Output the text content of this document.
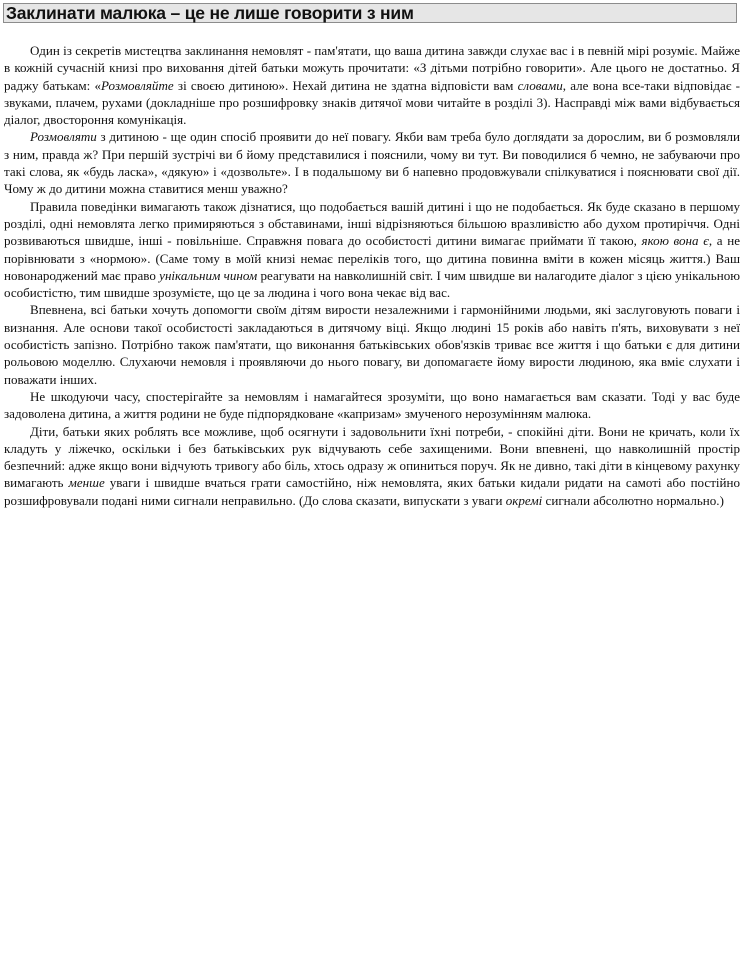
Заклинати малюка – це не лише говорити з ним

Один із секретів мистецтва заклинання немовлят - пам'ятати, що ваша дитина завжди слухає вас і в певній мірі розуміє. Майже в кожній сучасній книзі про виховання дітей батьки можуть прочитати: «З дітьми потрібно говорити». Але цього не достатньо. Я раджу батькам: «Розмовляйте зі своєю дитиною». Нехай дитина не здатна відповісти вам словами, але вона все-таки відповідає - звуками, плачем, рухами (докладніше про розшифровку знаків дитячої мови читайте в розділі 3). Насправді між вами відбувається діалог, двостороння комунікація.

Розмовляти з дитиною - ще один спосіб проявити до неї повагу. Якби вам треба було доглядати за дорослим, ви б розмовляли з ним, правда ж? При першій зустрічі ви б йому представилися і пояснили, чому ви тут. Ви поводилися б чемно, не забуваючи про такі слова, як «будь ласка», «дякую» і «дозвольте». І в подальшому ви б напевно продовжували спілкуватися і пояснювати свої дії. Чому ж до дитини можна ставитися менш уважно?

Правила поведінки вимагають також дізнатися, що подобається вашій дитині і що не подобається. Як буде сказано в першому розділі, одні немовлята легко примиряються з обставинами, інші відрізняються більшою вразливістю або духом протиріччя. Одні розвиваються швидше, інші - повільніше. Справжня повага до особистості дитини вимагає приймати її такою, якою вона є, а не порівнювати з «нормою». (Саме тому в моїй книзі немає переліків того, що дитина повинна вміти в кожен місяць життя.) Ваш новонароджений має право унікальним чином реагувати на навколишній світ. І чим швидше ви налагодите діалог з цією унікальною особистістю, тим швидше зрозумієте, що це за людина і чого вона чекає від вас.

Впевнена, всі батьки хочуть допомогти своїм дітям вирости незалежними і гармонійними людьми, які заслуговують поваги і визнання. Але основи такої особистості закладаються в дитячому віці. Якщо людині 15 років або навіть п'ять, виховувати з неї особистість запізно. Потрібно також пам'ятати, що виконання батьківських обов'язків триває все життя і що батьки є для дитини рольовою моделлю. Слухаючи немовля і проявляючи до нього повагу, ви допомагаєте йому вирости людиною, яка вміє слухати і поважати інших.

Не шкодуючи часу, спостерігайте за немовлям і намагайтеся зрозуміти, що воно намагається вам сказати. Тоді у вас буде задоволена дитина, а життя родини не буде підпорядковане «капризам» змученого нерозумінням малюка.

Діти, батьки яких роблять все можливе, щоб осягнути і задовольнити їхні потреби, - спокійні діти. Вони не кричать, коли їх кладуть у ліжечко, оскільки і без батьківських рук відчувають себе захищеними. Вони впевнені, що навколишній простір безпечний: адже якщо вони відчують тривогу або біль, хтось одразу ж опиниться поруч. Як не дивно, такі діти в кінцевому рахунку вимагають менше уваги і швидше вчаться грати самостійно, ніж немовлята, яких батьки кидали ридати на самоті або постійно розшифровували подані ними сигнали неправильно. (До слова сказати, випускати з уваги окремі сигнали абсолютно нормально.)
